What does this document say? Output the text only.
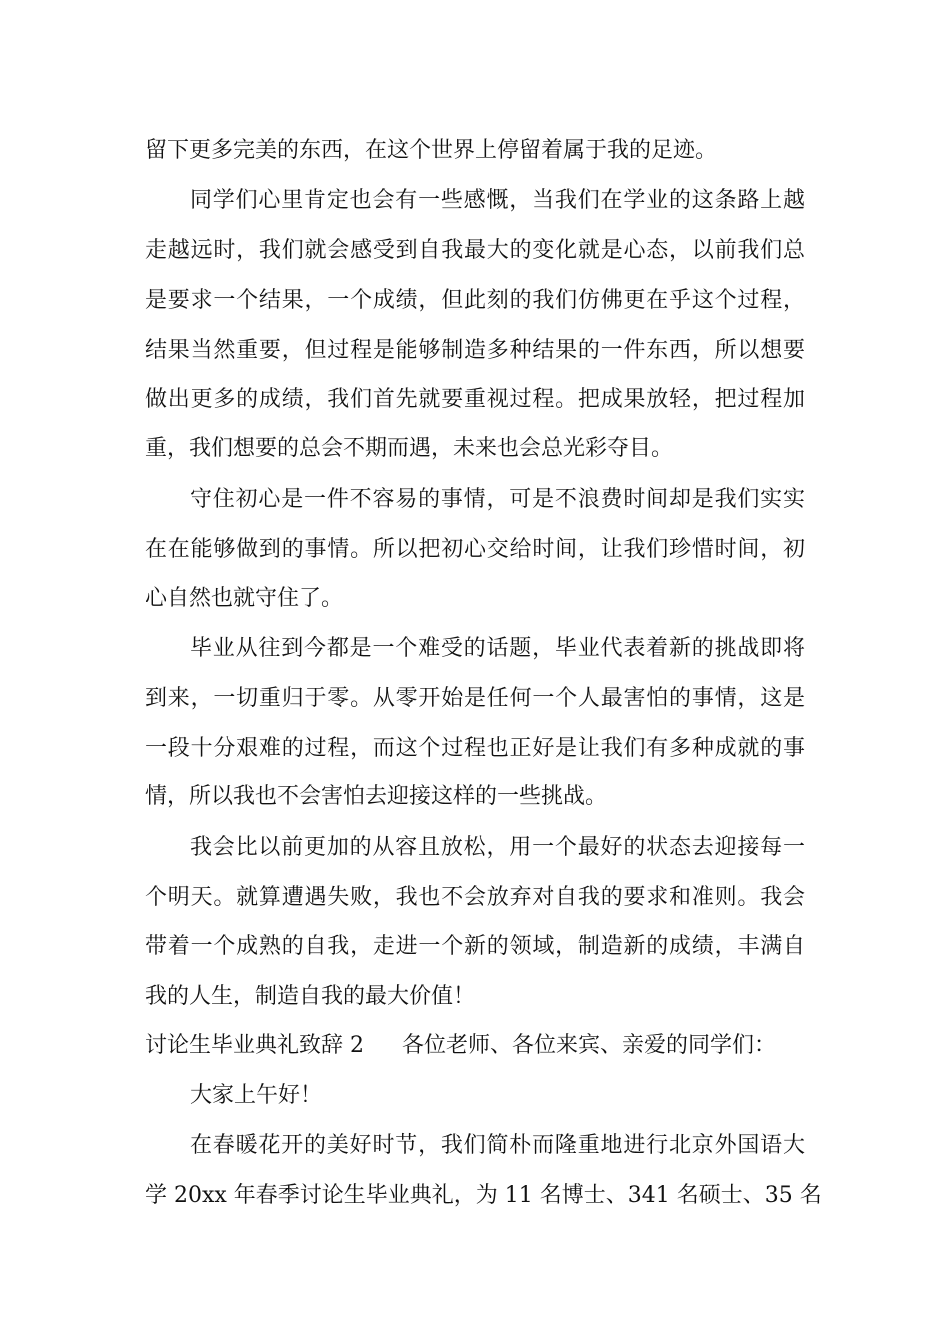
留下更多完美的东西，在这个世界上停留着属于我的足迹。
同学们心里肯定也会有一些感慨，当我们在学业的这条路上越
走越远时，我们就会感受到自我最大的变化就是心态，以前我们总
是要求一个结果，一个成绩，但此刻的我们仿佛更在乎这个过程，
结果当然重要，但过程是能够制造多种结果的一件东西，所以想要
做出更多的成绩，我们首先就要重视过程。把成果放轻，把过程加
重，我们想要的总会不期而遇，未来也会总光彩夺目。
守住初心是一件不容易的事情，可是不浪费时间却是我们实实
在在能够做到的事情。所以把初心交给时间，让我们珍惜时间，初
心自然也就守住了。
毕业从往到今都是一个难受的话题，毕业代表着新的挑战即将
到来，一切重归于零。从零开始是任何一个人最害怕的事情，这是
一段十分艰难的过程，而这个过程也正好是让我们有多种成就的事
情，所以我也不会害怕去迎接这样的一些挑战。
我会比以前更加的从容且放松，用一个最好的状态去迎接每一
个明天。就算遭遇失败，我也不会放弃对自我的要求和准则。我会
带着一个成熟的自我，走进一个新的领域，制造新的成绩，丰满自
我的人生，制造自我的最大价值！
讨论生毕业典礼致辞 2 各位老师、各位来宾、亲爱的同学们：
大家上午好！
在春暖花开的美好时节，我们简朴而隆重地进行北京外国语大
学 20xx 年春季讨论生毕业典礼，为 11 名博士、341 名硕士、35 名
